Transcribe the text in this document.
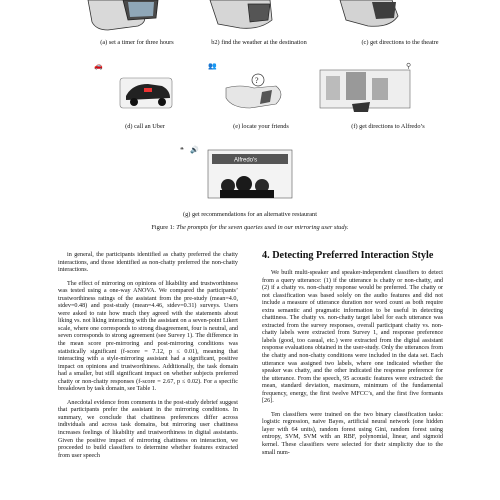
(a) set a timer for three hours	b2) find the weather at the destination	(c) get directions to the theatre
🚗	👥
?
⚲
(d) call an Uber	(e) locate your friends	(f) get directions to Alfredo’s
❝ 🔊
Alfredo's
(g) get recommendations for an alternative restaurant
Figure 1: The prompts for the seven queries used in our mirroring user study.

in general, the participants identified as chatty preferred the chatty interactions, and those identified as non-chatty preferred the non-chatty interactions.

The effect of mirroring on opinions of likability and trustworthiness was tested using a one-way ANOVA. We compared the participants’ trustworthiness ratings of the assistant from the pre-study (mean=4.0, stdev=0.48) and post-study (mean=4.46, stdev=0.31) surveys. Users were asked to rate how much they agreed with the statements about liking vs. not liking interacting with the assistant on a seven-point Likert scale, where one corresponds to strong disagreement, four is neutral, and seven corresponds to strong agreement (see Survey 1). The difference in the mean score pre-mirroring and post-mirroring conditions was statistically significant (f-score = 7.12, p ≤ 0.01), meaning that interacting with a style-mirroring assistant had a significant, positive impact on opinions and trustworthiness. Additionally, the task domain had a smaller, but still significant impact on whether subjects preferred chatty or non-chatty responses (f-score = 2.67, p ≤ 0.02). For a specific breakdown by task domain, see Table 1.

Anecdotal evidence from comments in the post-study debrief suggest that participants prefer the assistant in the mirroring conditions. In summary, we conclude that chattiness preferences differ across individuals and across task domains, but mirroring user chattiness increases feelings of likability and trustworthiness in digital assistants. Given the positive impact of mirroring chattiness on interaction, we proceeded to build classifiers to determine whether features extracted from user speech

4. Detecting Preferred Interaction Style

We built multi-speaker and speaker-independent classifiers to detect from a query utterance: (1) if the utterance is chatty or non-chatty, and (2) if a chatty vs. non-chatty response would be preferred. The chatty or not classification was based solely on the audio features and did not include a measure of utterance duration nor word count as both require extra semantic and pragmatic information to be useful in detecting chattiness. The chatty vs. non-chatty target label for each utterance was extracted from the survey responses, overall participant chatty vs. non-chatty labels were extracted from Survey 1, and response preference labels (good, too casual, etc.) were extracted from the digital assistant response evaluations obtained in the user-study. Only the utterances from the chatty and non-chatty conditions were included in the data set. Each utterance was assigned two labels, where one indicated whether the speaker was chatty, and the other indicated the response preference for the utterance. From the speech, 95 acoustic features were extracted: the mean, standard deviation, maximum, minimum of the fundamental frequency, energy, the first twelve MFCC’s, and the first five formants [26].

Ten classifiers were trained on the two binary classification tasks: logistic regression, naive Bayes, artificial neural network (one hidden layer with 64 units), random forest using Gini, random forest using entropy, SVM, SVM with an RBF, polynomial, linear, and sigmoid kernel. These classifiers were selected for their simplicity due to the small num-
